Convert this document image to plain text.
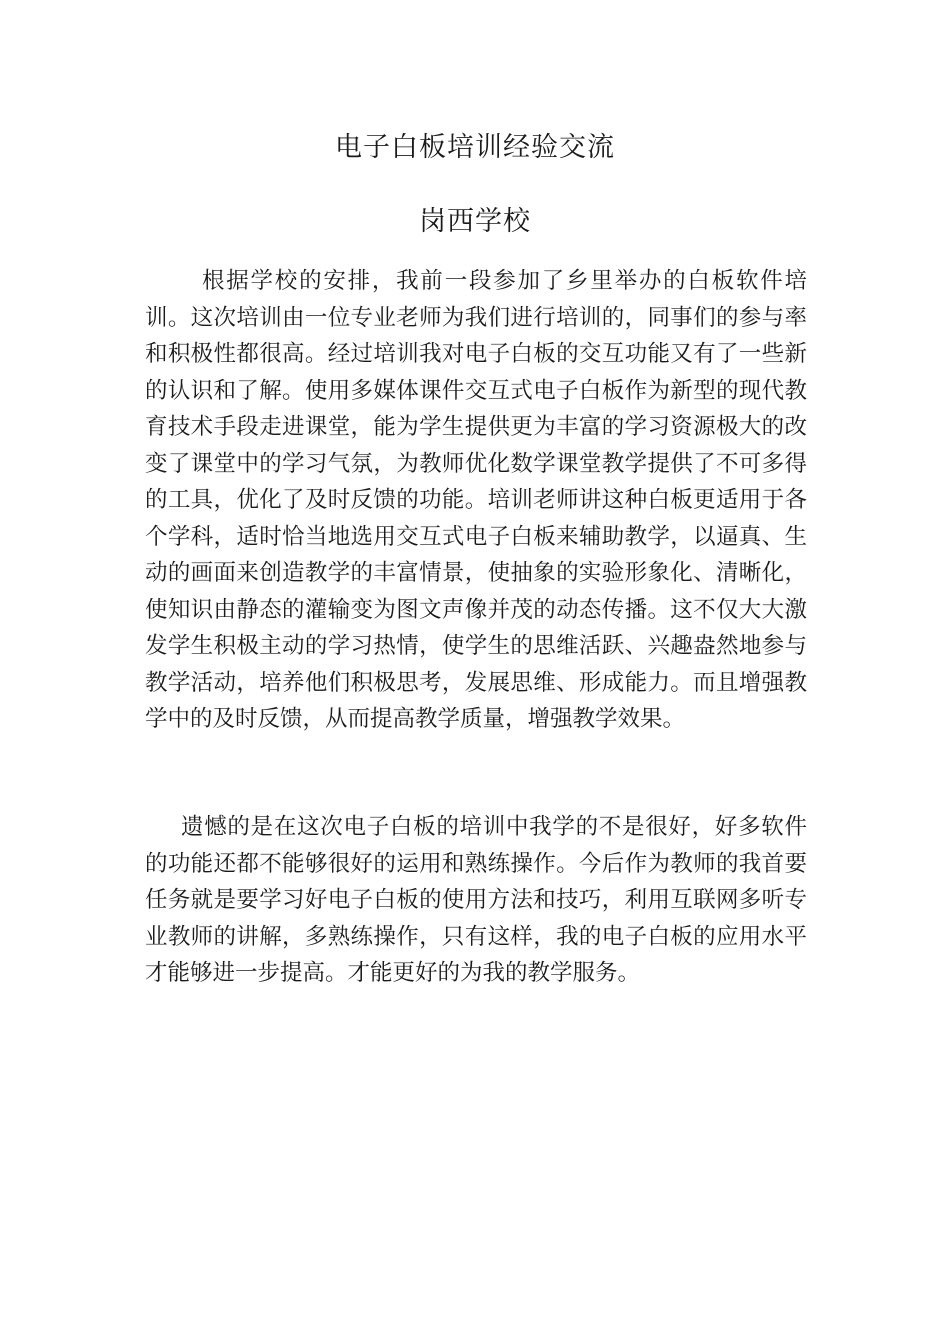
电子白板培训经验交流
岗西学校

根据学校的安排，我前一段参加了乡里举办的白板软件培训。这次培训由一位专业老师为我们进行培训的，同事们的参与率和积极性都很高。经过培训我对电子白板的交互功能又有了一些新的认识和了解。使用多媒体课件交互式电子白板作为新型的现代教育技术手段走进课堂，能为学生提供更为丰富的学习资源极大的改变了课堂中的学习气氛，为教师优化数学课堂教学提供了不可多得的工具，优化了及时反馈的功能。培训老师讲这种白板更适用于各个学科，适时恰当地选用交互式电子白板来辅助教学，以逼真、生动的画面来创造教学的丰富情景，使抽象的实验形象化、清晰化，使知识由静态的灌输变为图文声像并茂的动态传播。这不仅大大激发学生积极主动的学习热情，使学生的思维活跃、兴趣盎然地参与教学活动，培养他们积极思考，发展思维、形成能力。而且增强教学中的及时反馈，从而提高教学质量，增强教学效果。

遗憾的是在这次电子白板的培训中我学的不是很好，好多软件的功能还都不能够很好的运用和熟练操作。今后作为教师的我首要任务就是要学习好电子白板的使用方法和技巧，利用互联网多听专业教师的讲解，多熟练操作，只有这样，我的电子白板的应用水平才能够进一步提高。才能更好的为我的教学服务。
